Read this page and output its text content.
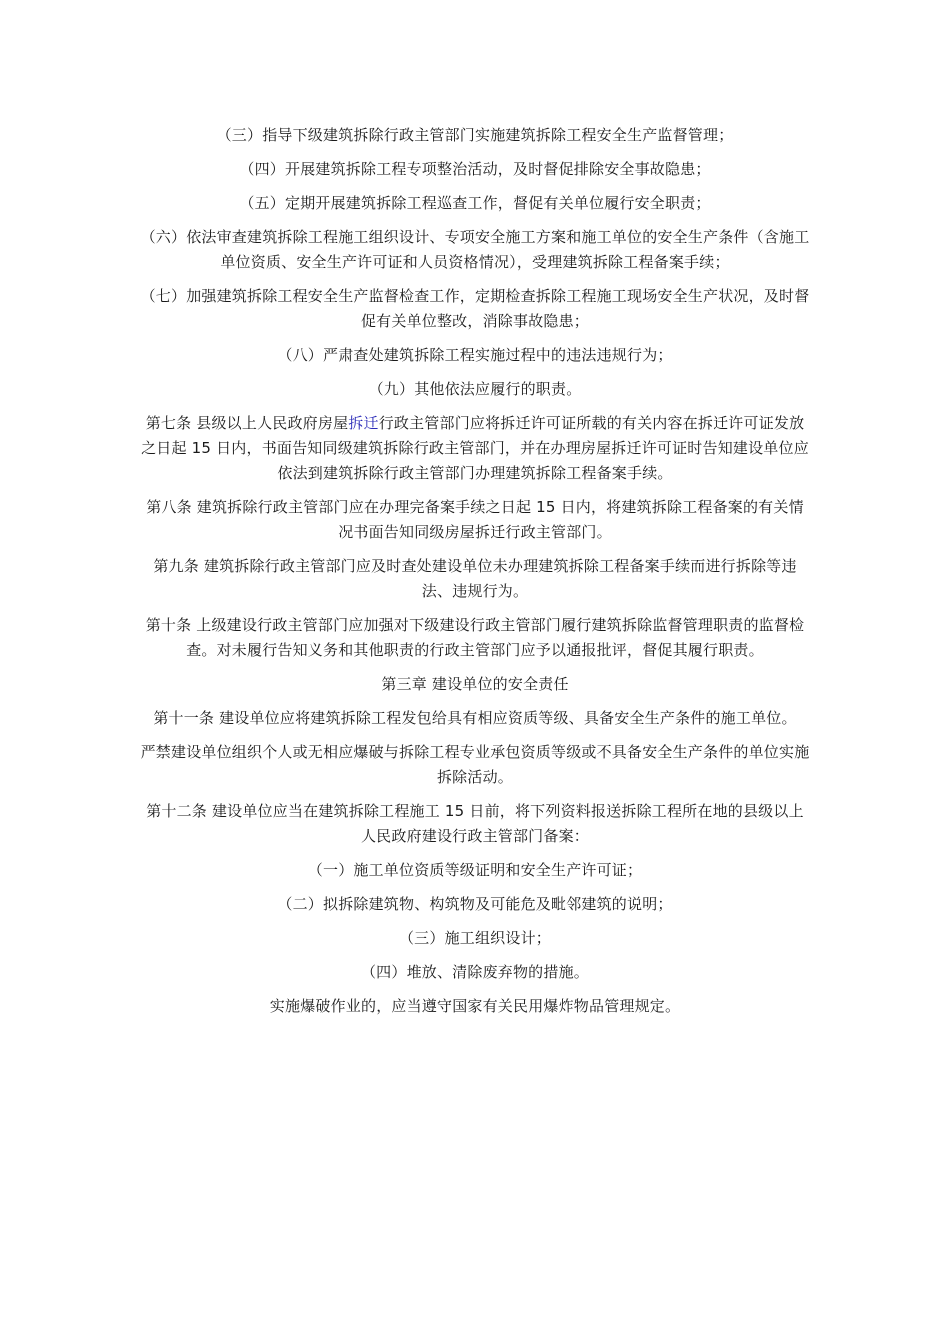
（三）指导下级建筑拆除行政主管部门实施建筑拆除工程安全生产监督管理；

（四）开展建筑拆除工程专项整治活动，及时督促排除安全事故隐患；

（五）定期开展建筑拆除工程巡查工作，督促有关单位履行安全职责；

（六）依法审查建筑拆除工程施工组织设计、专项安全施工方案和施工单位的安全生产条件（含施工单位资质、安全生产许可证和人员资格情况），受理建筑拆除工程备案手续；

（七）加强建筑拆除工程安全生产监督检查工作，定期检查拆除工程施工现场安全生产状况，及时督促有关单位整改，消除事故隐患；

（八）严肃查处建筑拆除工程实施过程中的违法违规行为；

（九）其他依法应履行的职责。

第七条 县级以上人民政府房屋拆迁行政主管部门应将拆迁许可证所载的有关内容在拆迁许可证发放之日起 15 日内，书面告知同级建筑拆除行政主管部门，并在办理房屋拆迁许可证时告知建设单位应依法到建筑拆除行政主管部门办理建筑拆除工程备案手续。

第八条 建筑拆除行政主管部门应在办理完备案手续之日起 15 日内，将建筑拆除工程备案的有关情况书面告知同级房屋拆迁行政主管部门。

第九条 建筑拆除行政主管部门应及时查处建设单位未办理建筑拆除工程备案手续而进行拆除等违法、违规行为。

第十条 上级建设行政主管部门应加强对下级建设行政主管部门履行建筑拆除监督管理职责的监督检查。对未履行告知义务和其他职责的行政主管部门应予以通报批评，督促其履行职责。

第三章 建设单位的安全责任

第十一条 建设单位应将建筑拆除工程发包给具有相应资质等级、具备安全生产条件的施工单位。

严禁建设单位组织个人或无相应爆破与拆除工程专业承包资质等级或不具备安全生产条件的单位实施拆除活动。

第十二条 建设单位应当在建筑拆除工程施工 15 日前，将下列资料报送拆除工程所在地的县级以上人民政府建设行政主管部门备案：

（一）施工单位资质等级证明和安全生产许可证；

（二）拟拆除建筑物、构筑物及可能危及毗邻建筑的说明；

（三）施工组织设计；

（四）堆放、清除废弃物的措施。

实施爆破作业的，应当遵守国家有关民用爆炸物品管理规定。
